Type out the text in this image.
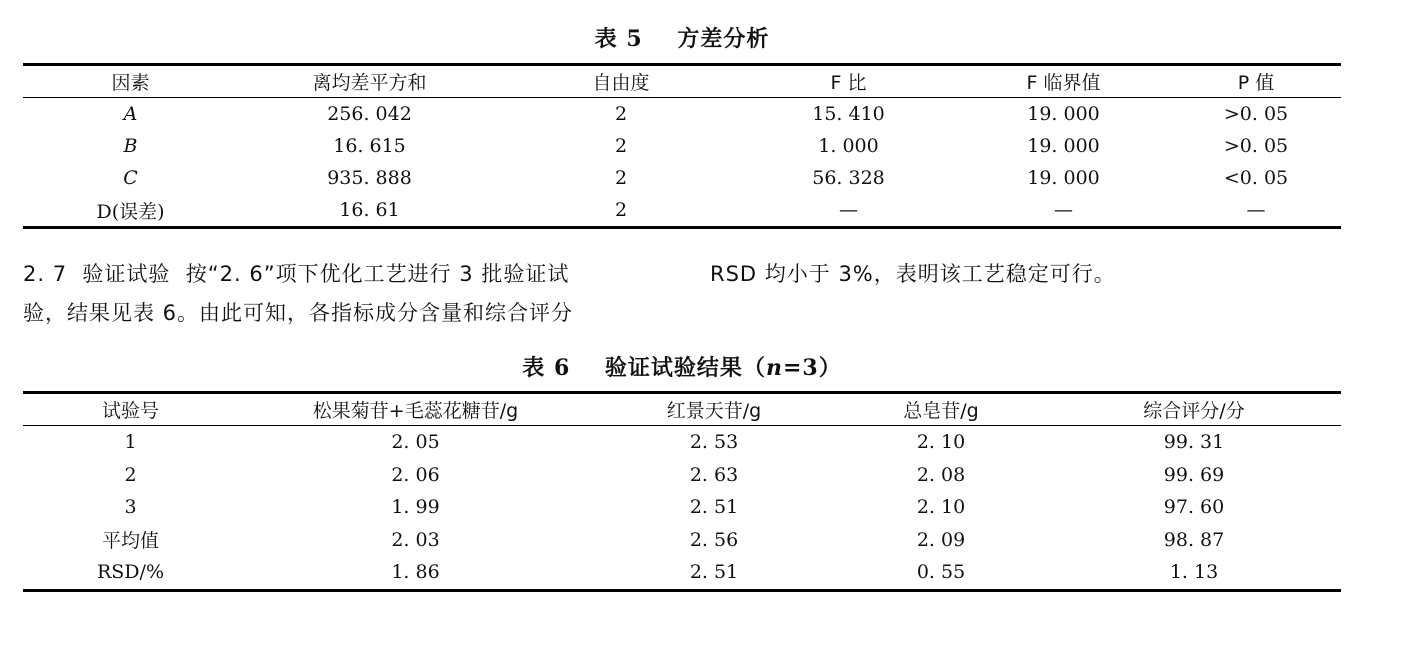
表 5 方差分析
因素	离均差平方和	自由度	F 比	F 临界值	P 值
A	256. 042	2	15. 410	19. 000	>0. 05
B	16. 615	2	1. 000	19. 000	>0. 05
C	935. 888	2	56. 328	19. 000	<0. 05
D(误差)	16. 61	2	—	—	—
2. 7  验证试验  按“2. 6”项下优化工艺进行 3 批验证试
验，结果见表 6。由此可知，各指标成分含量和综合评分
RSD 均小于 3%，表明该工艺稳定可行。
表 6 验证试验结果（n=3）
试验号	松果菊苷+毛蕊花糖苷/g	红景天苷/g	总皂苷/g	综合评分/分
1	2. 05	2. 53	2. 10	99. 31
2	2. 06	2. 63	2. 08	99. 69
3	1. 99	2. 51	2. 10	97. 60
平均值	2. 03	2. 56	2. 09	98. 87
RSD/%	1. 86	2. 51	0. 55	1. 13
